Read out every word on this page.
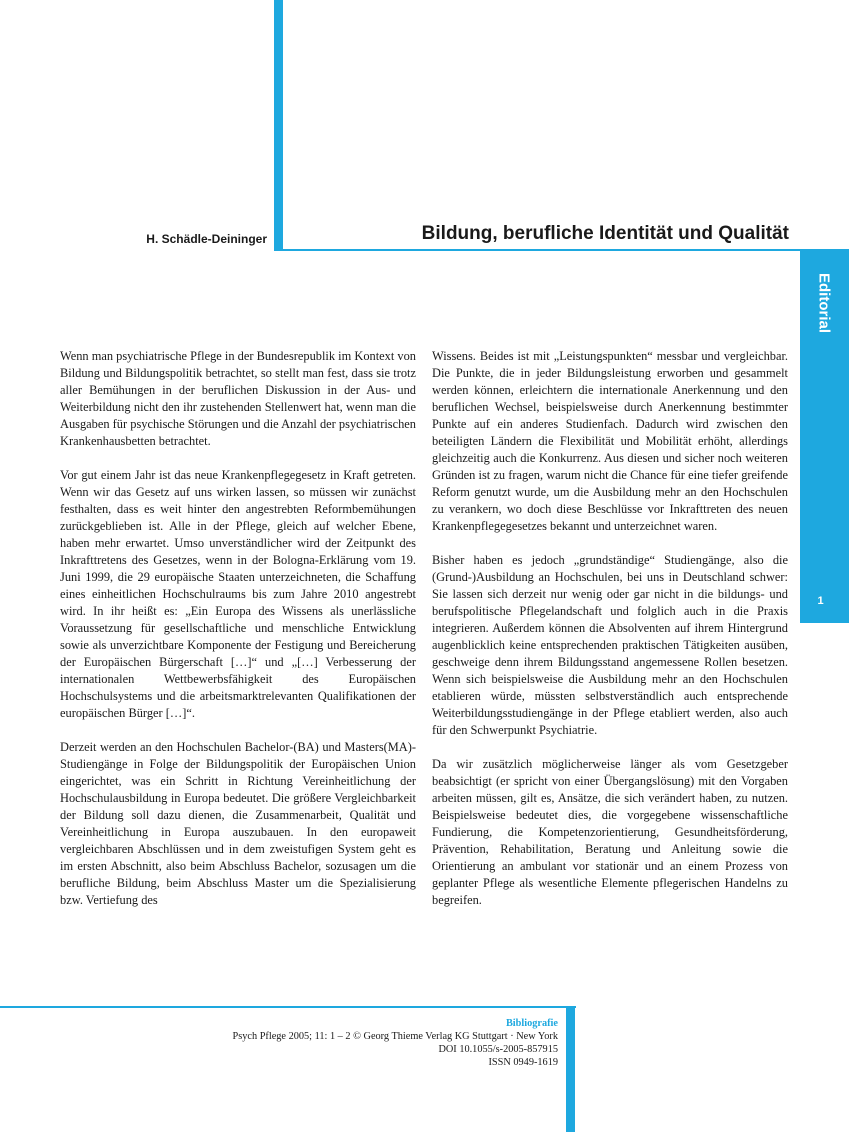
H. Schädle-Deininger	Bildung, berufliche Identität und Qualität
Editorial
1

Wenn man psychiatrische Pflege in der Bundesrepublik im Kontext von Bildung und Bildungspolitik betrachtet, so stellt man fest, dass sie trotz aller Bemühungen in der beruflichen Diskussion in der Aus- und Weiterbildung nicht den ihr zustehenden Stellenwert hat, wenn man die Ausgaben für psychische Störungen und die Anzahl der psychiatrischen Krankenhausbetten betrachtet.

Vor gut einem Jahr ist das neue Krankenpflegegesetz in Kraft getreten. Wenn wir das Gesetz auf uns wirken lassen, so müssen wir zunächst festhalten, dass es weit hinter den angestrebten Reformbemühungen zurückgeblieben ist. Alle in der Pflege, gleich auf welcher Ebene, haben mehr erwartet. Umso unverständlicher wird der Zeitpunkt des Inkrafttretens des Gesetzes, wenn in der Bologna-Erklärung vom 19. Juni 1999, die 29 europäische Staaten unterzeichneten, die Schaffung eines einheitlichen Hochschulraums bis zum Jahre 2010 angestrebt wird. In ihr heißt es: „Ein Europa des Wissens als unerlässliche Voraussetzung für gesellschaftliche und menschliche Entwicklung sowie als unverzichtbare Komponente der Festigung und Bereicherung der Europäischen Bürgerschaft […]“ und „[…] Verbesserung der internationalen Wettbewerbsfähigkeit des Europäischen Hochschulsystems und die arbeitsmarktrelevanten Qualifikationen der europäischen Bürger […]“.

Derzeit werden an den Hochschulen Bachelor-(BA) und Masters(MA)-Studiengänge in Folge der Bildungspolitik der Europäischen Union eingerichtet, was ein Schritt in Richtung Vereinheitlichung der Hochschulausbildung in Europa bedeutet. Die größere Vergleichbarkeit der Bildung soll dazu dienen, die Zusammenarbeit, Qualität und Vereinheitlichung in Europa auszubauen. In den europaweit vergleichbaren Abschlüssen und in dem zweistufigen System geht es im ersten Abschnitt, also beim Abschluss Bachelor, sozusagen um die berufliche Bildung, beim Abschluss Master um die Spezialisierung bzw. Vertiefung des

Wissens. Beides ist mit „Leistungspunkten“ messbar und vergleichbar. Die Punkte, die in jeder Bildungsleistung erworben und gesammelt werden können, erleichtern die internationale Anerkennung und den beruflichen Wechsel, beispielsweise durch Anerkennung bestimmter Punkte auf ein anderes Studienfach. Dadurch wird zwischen den beteiligten Ländern die Flexibilität und Mobilität erhöht, allerdings gleichzeitig auch die Konkurrenz. Aus diesen und sicher noch weiteren Gründen ist zu fragen, warum nicht die Chance für eine tiefer greifende Reform genutzt wurde, um die Ausbildung mehr an den Hochschulen zu verankern, wo doch diese Beschlüsse vor Inkrafttreten des neuen Krankenpflegegesetzes bekannt und unterzeichnet waren.

Bisher haben es jedoch „grundständige“ Studiengänge, also die (Grund-)Ausbildung an Hochschulen, bei uns in Deutschland schwer: Sie lassen sich derzeit nur wenig oder gar nicht in die bildungs- und berufspolitische Pflegelandschaft und folglich auch in die Praxis integrieren. Außerdem können die Absolventen auf ihrem Hintergrund augenblicklich keine entsprechenden praktischen Tätigkeiten ausüben, geschweige denn ihrem Bildungsstand angemessene Rollen besetzen. Wenn sich beispielsweise die Ausbildung mehr an den Hochschulen etablieren würde, müssten selbstverständlich auch entsprechende Weiterbildungsstudiengänge in der Pflege etabliert werden, also auch für den Schwerpunkt Psychiatrie.

Da wir zusätzlich möglicherweise länger als vom Gesetzgeber beabsichtigt (er spricht von einer Übergangslösung) mit den Vorgaben arbeiten müssen, gilt es, Ansätze, die sich verändert haben, zu nutzen. Beispielsweise bedeutet dies, die vorgegebene wissenschaftliche Fundierung, die Kompetenzorientierung, Gesundheitsförderung, Prävention, Rehabilitation, Beratung und Anleitung sowie die Orientierung an ambulant vor stationär und an einem Prozess von geplanter Pflege als wesentliche Elemente pflegerischen Handelns zu begreifen.

Bibliografie
Psych Pflege 2005; 11: 1 – 2 © Georg Thieme Verlag KG Stuttgart · New York
DOI 10.1055/s-2005-857915
ISSN 0949-1619
